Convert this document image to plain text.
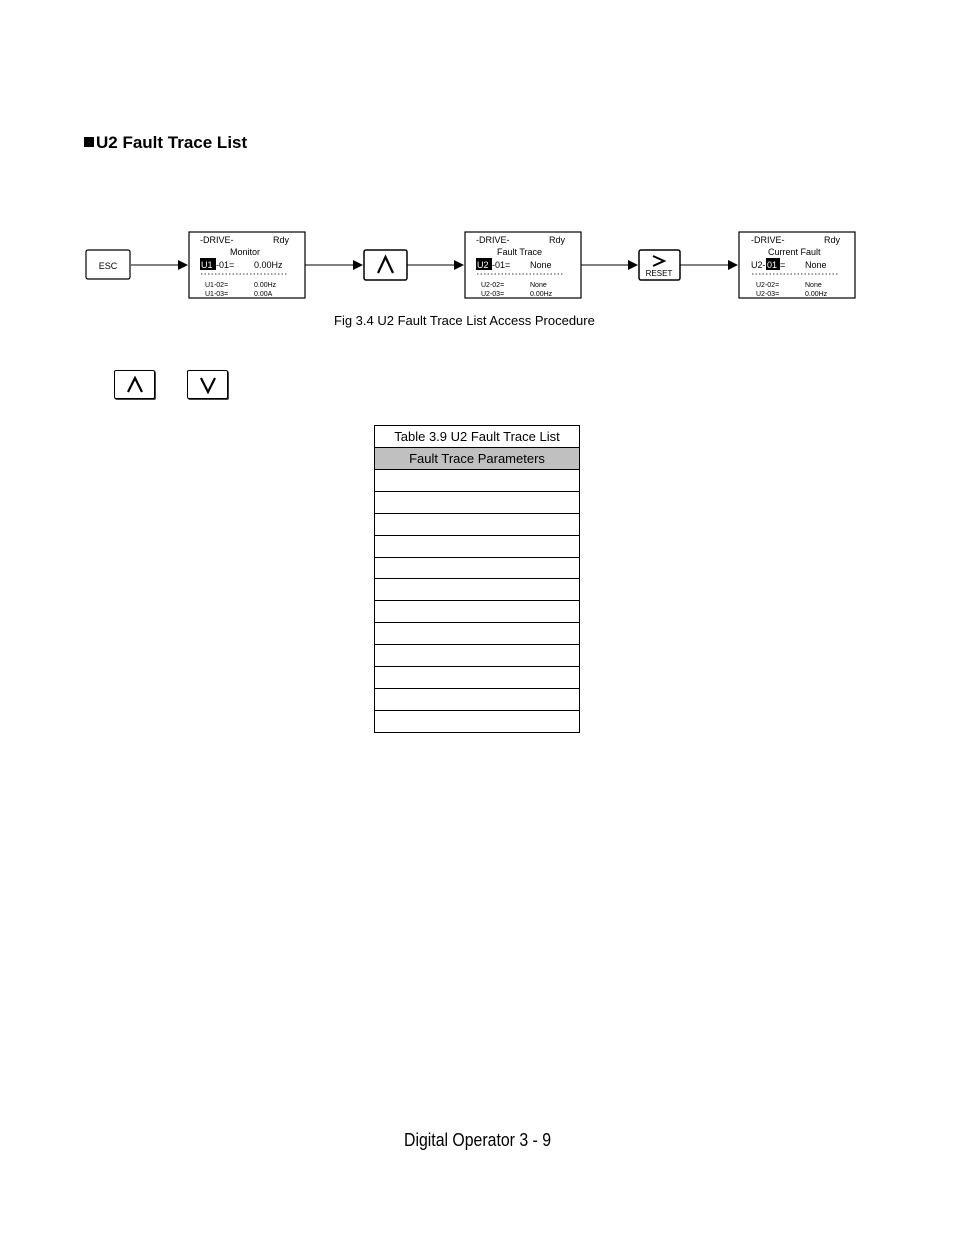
U2 Fault Trace List
ESC
-DRIVE-	Rdy
Monitor
U1 -01= 0.00Hz
U1-02=	0.00Hz
U1-03=	0.00A
-DRIVE-	Rdy
Fault Trace
U2 -01= None
U2-02=	None
U2-03=	0.00Hz
RESET
-DRIVE-	Rdy
Current Fault
U2- 01 = None
U2-02=	None
U2-03=	0.00Hz
Fig 3.4 U2 Fault Trace List Access Procedure
Table 3.9 U2 Fault Trace List
Fault Trace Parameters

Digital Operator 3 - 9
